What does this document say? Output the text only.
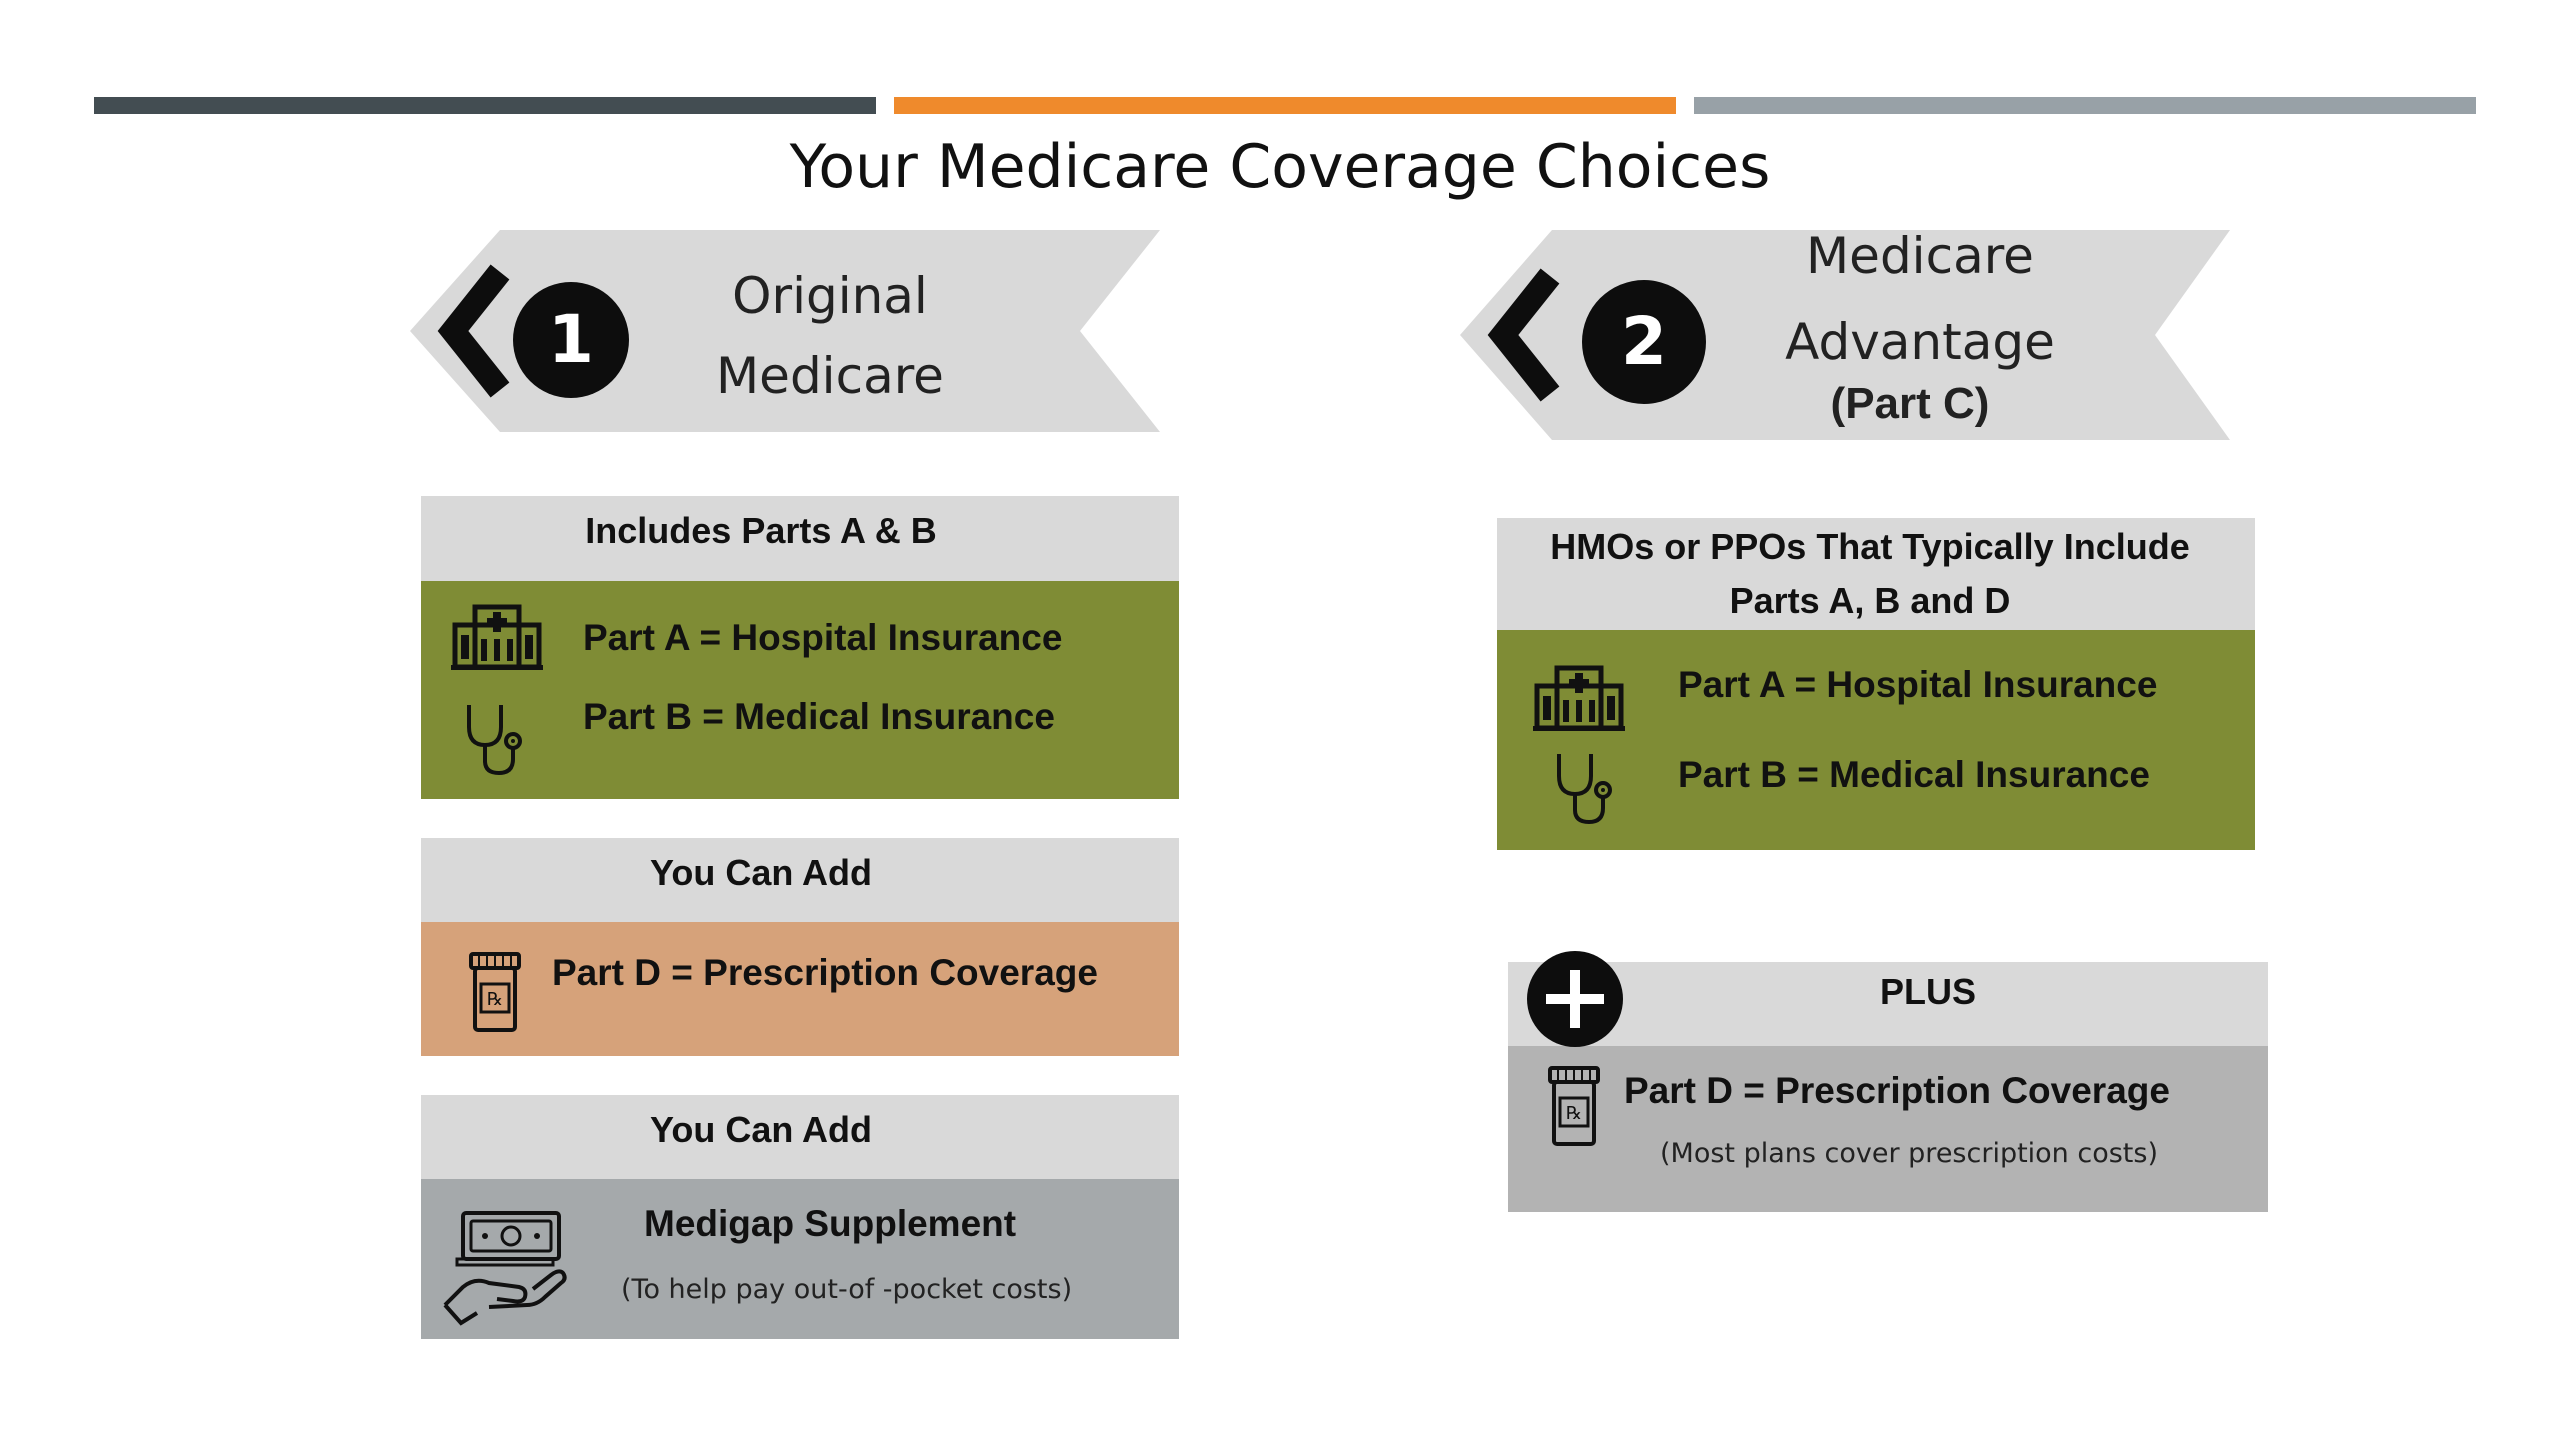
Your Medicare Coverage Choices
1
Original
Medicare	2
Medicare
Advantage
(Part C)
Includes Parts A & B
Part A = Hospital Insurance
Part B = Medical Insurance
You Can Add
℞
Part D = Prescription Coverage
You Can Add
Medigap Supplement
(To help pay out-of -pocket costs)
HMOs or PPOs That Typically Include
Parts A, B and D
Part A = Hospital Insurance
Part B = Medical Insurance
PLUS
℞
Part D = Prescription Coverage
(Most plans cover prescription costs)
